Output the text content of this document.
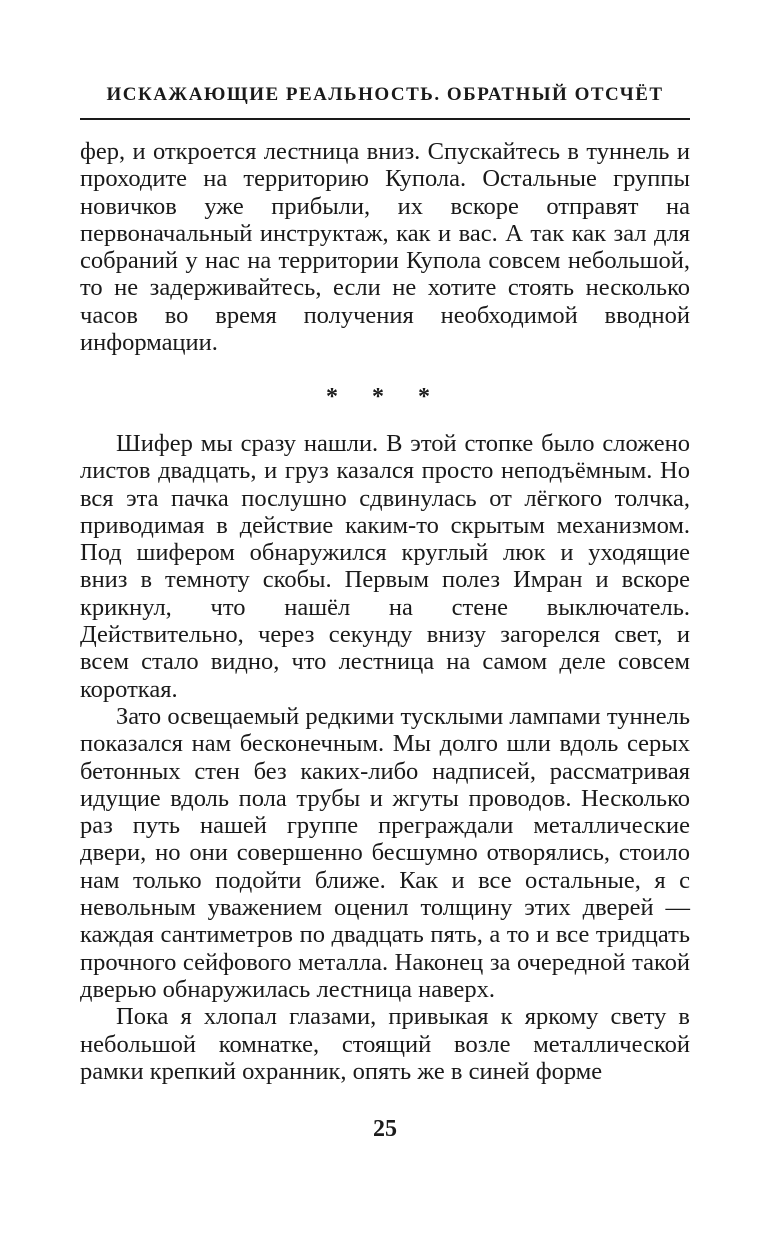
ИСКАЖАЮЩИЕ РЕАЛЬНОСТЬ. ОБРАТНЫЙ ОТСЧЁТ

фер, и откроется лестница вниз. Спускайтесь в туннель и проходите на территорию Купола. Остальные группы новичков уже прибыли, их вскоре отправят на первоначальный инструктаж, как и вас. А так как зал для собраний у нас на территории Купола совсем небольшой, то не задерживайтесь, если не хотите стоять несколько часов во время получения необходимой вводной информации.

* * *

Шифер мы сразу нашли. В этой стопке было сложено листов двадцать, и груз казался просто неподъёмным. Но вся эта пачка послушно сдвинулась от лёгкого толчка, приводимая в действие каким-то скрытым механизмом. Под шифером обнаружился круглый люк и уходящие вниз в темноту скобы. Первым полез Имран и вскоре крикнул, что нашёл на стене выключатель. Действительно, через секунду внизу загорелся свет, и всем стало видно, что лестница на самом деле совсем короткая.

Зато освещаемый редкими тусклыми лампами туннель показался нам бесконечным. Мы долго шли вдоль серых бетонных стен без каких-либо надписей, рассматривая идущие вдоль пола трубы и жгуты проводов. Несколько раз путь нашей группе преграждали металлические двери, но они совершенно бесшумно отворялись, стоило нам только подойти ближе. Как и все остальные, я с невольным уважением оценил толщину этих дверей — каждая сантиметров по двадцать пять, а то и все тридцать прочного сейфового металла. Наконец за очередной такой дверью обнаружилась лестница наверх.

Пока я хлопал глазами, привыкая к яркому свету в небольшой комнатке, стоящий возле металлической рамки крепкий охранник, опять же в синей форме

25
